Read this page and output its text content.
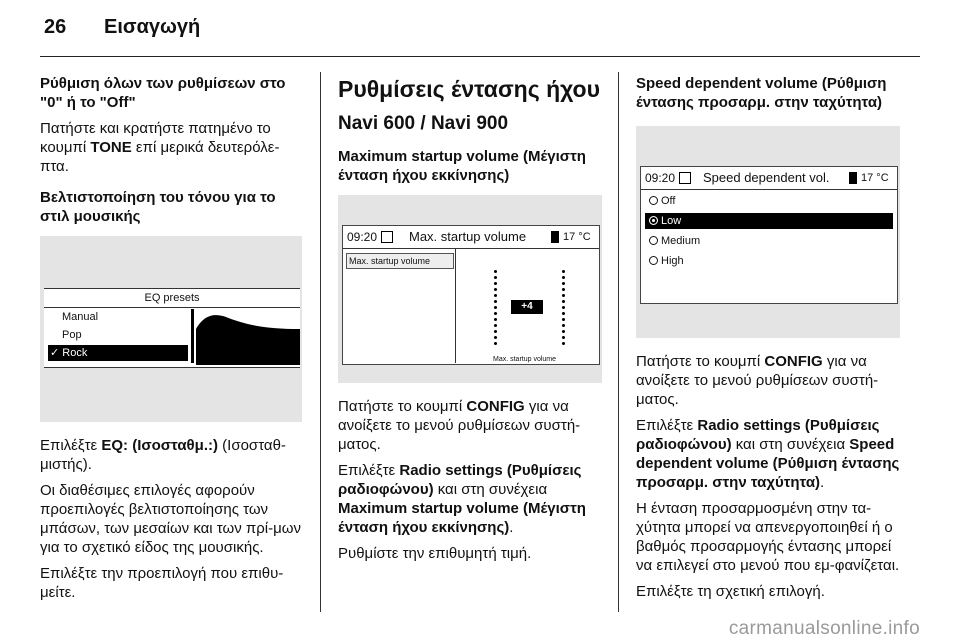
26 Εισαγωγή

Ρύθμιση όλων των ρυθμίσεων στο "0" ή το "Off"

Πατήστε και κρατήστε πατημένο το κουμπί TONE επί μερικά δευτερόλε-πτα.

Βελτιστοποίηση του τόνου για το στιλ μουσικής

EQ presets
Manual
Pop
✓ Rock

Επιλέξτε EQ: (Ισοσταθμ.:) (Ισοσταθ-μιστής).

Οι διαθέσιμες επιλογές αφορούν προεπιλογές βελτιστοποίησης των μπάσων, των μεσαίων και των πρί-μων για το σχετικό είδος της μουσικής.

Επιλέξτε την προεπιλογή που επιθυ-μείτε.

Ρυθμίσεις έντασης ήχου
Navi 600 / Navi 900

Maximum startup volume (Μέγιστη ένταση ήχου εκκίνησης)

09:20 Max. startup volume	17 °C
Max. startup volume
+4
Max. startup volume

Πατήστε το κουμπί CONFIG για να ανοίξετε το μενού ρυθμίσεων συστή-ματος.

Επιλέξτε Radio settings (Ρυθμίσεις ραδιοφώνου) και στη συνέχεια Maximum startup volume (Μέγιστη ένταση ήχου εκκίνησης).

Ρυθμίστε την επιθυμητή τιμή.

Speed dependent volume (Ρύθμιση έντασης προσαρμ. στην ταχύτητα)

09:20 Speed dependent vol.	17 °C
Off
Low
Medium
High

Πατήστε το κουμπί CONFIG για να ανοίξετε το μενού ρυθμίσεων συστή-ματος.

Επιλέξτε Radio settings (Ρυθμίσεις ραδιοφώνου) και στη συνέχεια Speed dependent volume (Ρύθμιση έντασης προσαρμ. στην ταχύτητα).

Η ένταση προσαρμοσμένη στην τα-χύτητα μπορεί να απενεργοποιηθεί ή ο βαθμός προσαρμογής έντασης μπορεί να επιλεγεί στο μενού που εμ-φανίζεται.

Επιλέξτε τη σχετική επιλογή.

carmanualsonline.info
